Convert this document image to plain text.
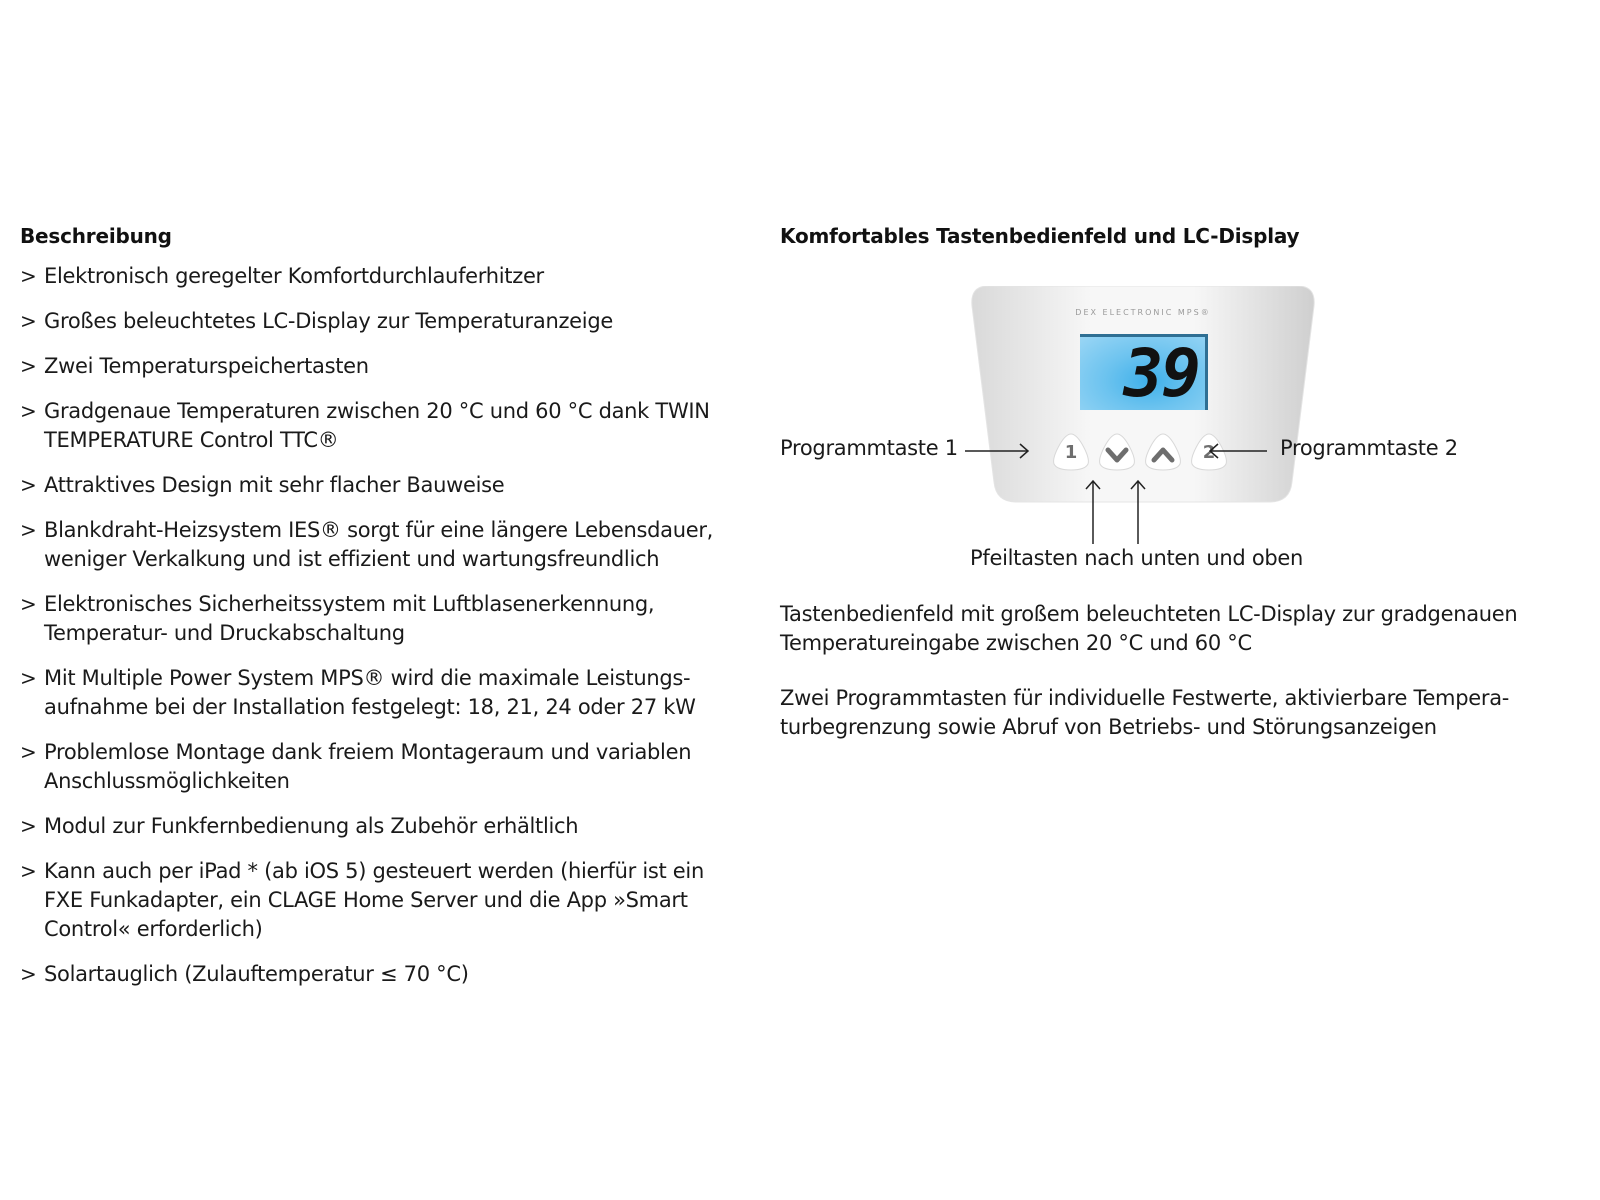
Beschreibung
> Elektronisch geregelter Komfortdurchlauferhitzer
> Großes beleuchtetes LC-Display zur Temperaturanzeige
> Zwei Temperaturspeichertasten
> Gradgenaue Temperaturen zwischen 20 °C und 60 °C dank TWIN TEMPERATURE Control TTC®
> Attraktives Design mit sehr flacher Bauweise
> Blankdraht-Heizsystem IES® sorgt für eine längere Lebensdauer, weniger Verkalkung und ist effizient und wartungsfreundlich
> Elektronisches Sicherheitssystem mit Luftblasenerkennung, Temperatur- und Druckabschaltung
> Mit Multiple Power System MPS® wird die maximale Leistungs-aufnahme bei der Installation festgelegt: 18, 21, 24 oder 27 kW
> Problemlose Montage dank freiem Montageraum und variablen Anschlussmöglichkeiten
> Modul zur Funkfernbedienung als Zubehör erhältlich
> Kann auch per iPad * (ab iOS 5) gesteuert werden (hierfür ist ein FXE Funkadapter, ein CLAGE Home Server und die App »Smart Control« erforderlich)
> Solartauglich (Zulauftemperatur ≤ 70 °C)
Komfortables Tastenbedienfeld und LC-Display
DEX ELECTRONIC MPS®
39
1	2
Programmtaste 1	Programmtaste 2
Pfeiltasten nach unten und oben

Tastenbedienfeld mit großem beleuchteten LC-Display zur gradgenauen Temperatureingabe zwischen 20 °C und 60 °C

Zwei Programmtasten für individuelle Festwerte, aktivierbare Tempera-turbegrenzung sowie Abruf von Betriebs- und Störungsanzeigen
